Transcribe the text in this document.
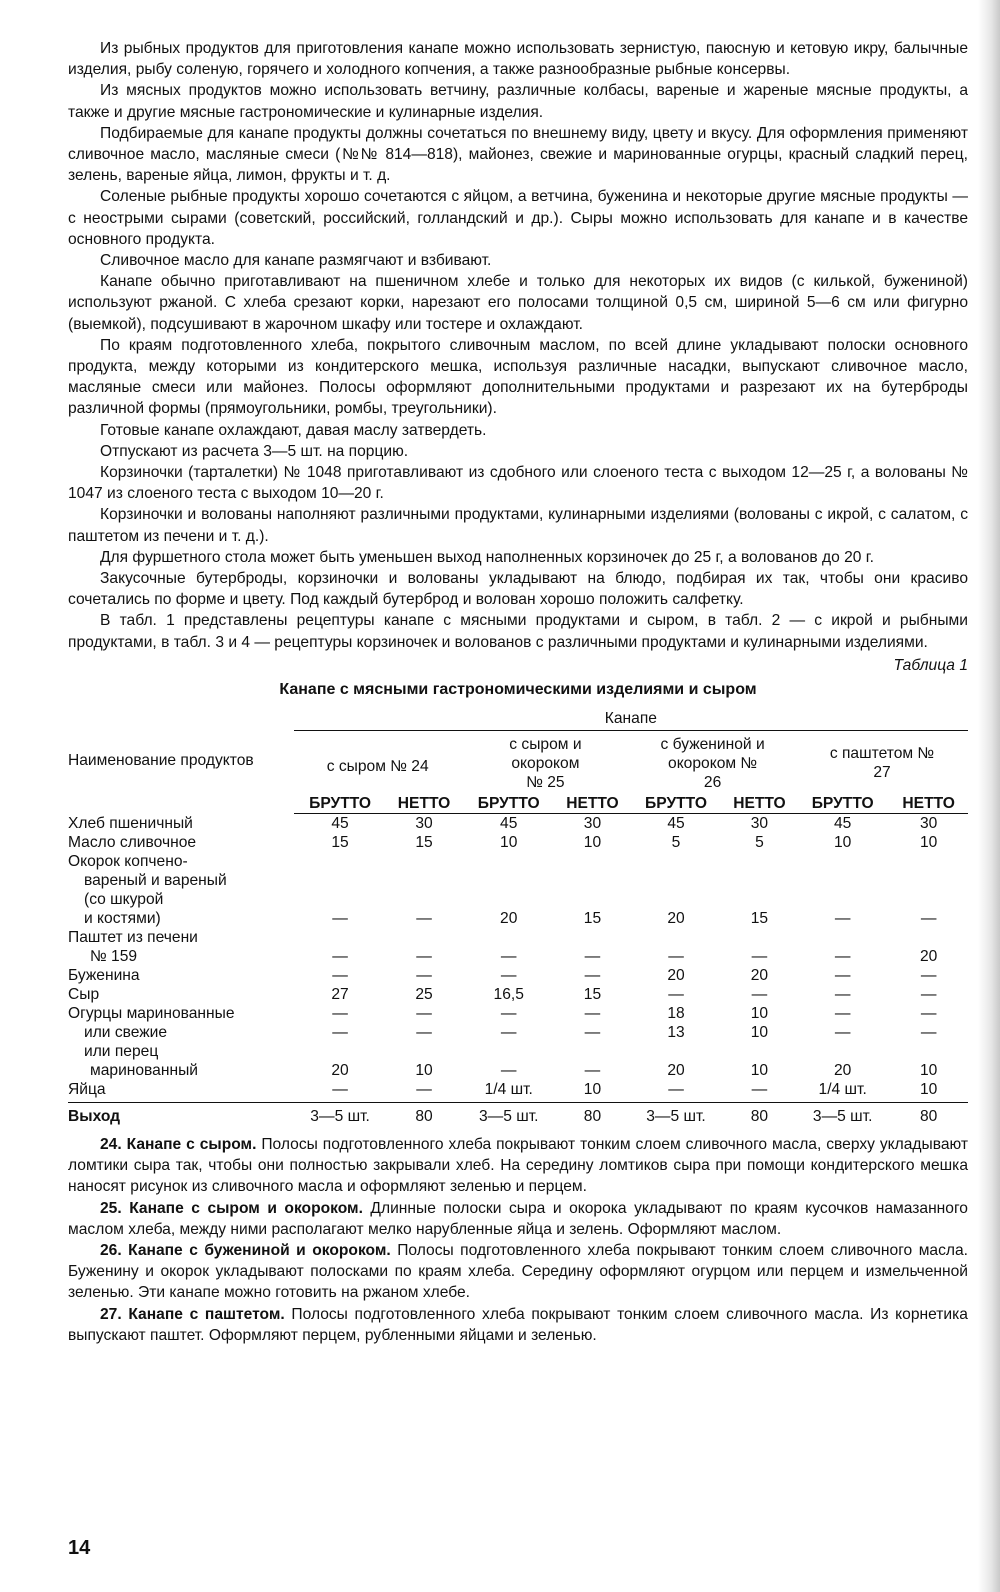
Из рыбных продуктов для приготовления канапе можно использовать зернистую, паюсную и кетовую икру, балычные изделия, рыбу соленую, горячего и холодного копчения, а также разнообразные рыбные консервы.

Из мясных продуктов можно использовать ветчину, различные колбасы, вареные и жареные мясные продукты, а также и другие мясные гастрономические и кулинарные изделия.

Подбираемые для канапе продукты должны сочетаться по внешнему виду, цвету и вкусу. Для оформления применяют сливочное масло, масляные смеси (№№ 814—818), майонез, свежие и маринованные огурцы, красный сладкий перец, зелень, вареные яйца, лимон, фрукты и т. д.

Соленые рыбные продукты хорошо сочетаются с яйцом, а ветчина, буженина и некоторые другие мясные продукты — с неострыми сырами (советский, российский, голландский и др.). Сыры можно использовать для канапе и в качестве основного продукта.

Сливочное масло для канапе размягчают и взбивают.

Канапе обычно приготавливают на пшеничном хлебе и только для некоторых их видов (с килькой, бужениной) используют ржаной. С хлеба срезают корки, нарезают его полосами толщиной 0,5 см, шириной 5—6 см или фигурно (выемкой), подсушивают в жарочном шкафу или тостере и охлаждают.

По краям подготовленного хлеба, покрытого сливочным маслом, по всей длине укладывают полоски основного продукта, между которыми из кондитерского мешка, используя различные насадки, выпускают сливочное масло, масляные смеси или майонез. Полосы оформляют дополнительными продуктами и разрезают их на бутерброды различной формы (прямоугольники, ромбы, треугольники).

Готовые канапе охлаждают, давая маслу затвердеть.

Отпускают из расчета 3—5 шт. на порцию.

Корзиночки (тарталетки) № 1048 приготавливают из сдобного или слоеного теста с выходом 12—25 г, а волованы № 1047 из слоеного теста с выходом 10—20 г.

Корзиночки и волованы наполняют различными продуктами, кулинарными изделиями (волованы с икрой, с салатом, с паштетом из печени и т. д.).

Для фуршетного стола может быть уменьшен выход наполненных корзиночек до 25 г, а волованов до 20 г.

Закусочные бутерброды, корзиночки и волованы укладывают на блюдо, подбирая их так, чтобы они красиво сочетались по форме и цвету. Под каждый бутерброд и волован хорошо положить салфетку.

В табл. 1 представлены рецептуры канапе с мясными продуктами и сыром, в табл. 2 — с икрой и рыбными продуктами, в табл. 3 и 4 — рецептуры корзиночек и волованов с различными продуктами и кулинарными изделиями.

Таблица 1
Канапе с мясными гастрономическими изделиями и сыром
Наименование продуктов	Канапе							
	с сыром № 24		с сыром и окороком № 25		с бужениной и окороком № 26		с паштетом № 27	
	БРУТТО	НЕТТО	БРУТТО	НЕТТО	БРУТТО	НЕТТО	БРУТТО	НЕТТО
Хлеб пшеничный	45	30	45	30	45	30	45	30
Масло сливочное	15	15	10	10	5	5	10	10
Окорок копчено-								
вареный и вареный								
(со шкурой								
и костями)	—	—	20	15	20	15	—	—
Паштет из печени								
№ 159	—	—	—	—	—	—	—	20
Буженина	—	—	—	—	20	20	—	—
Сыр	27	25	16,5	15	—	—	—	—
Огурцы маринованные	—	—	—	—	18	10	—	—
или свежие	—	—	—	—	13	10	—	—
или перец								
маринованный	20	10	—	—	20	10	20	10
Яйца	—	—	1/4 шт.	10	—	—	1/4 шт.	10
Выход	3—5 шт.	80	3—5 шт.	80	3—5 шт.	80	3—5 шт.	80

24. Канапе с сыром. Полосы подготовленного хлеба покрывают тонким слоем сливочного масла, сверху укладывают ломтики сыра так, чтобы они полностью закрывали хлеб. На середину ломтиков сыра при помощи кондитерского мешка наносят рисунок из сливочного масла и оформляют зеленью и перцем.

25. Канапе с сыром и окороком. Длинные полоски сыра и окорока укладывают по краям кусочков намазанного маслом хлеба, между ними располагают мелко нарубленные яйца и зелень. Оформляют маслом.

26. Канапе с бужениной и окороком. Полосы подготовленного хлеба покрывают тонким слоем сливочного масла. Буженину и окорок укладывают полосками по краям хлеба. Середину оформляют огурцом или перцем и измельченной зеленью. Эти канапе можно готовить на ржаном хлебе.

27. Канапе с паштетом. Полосы подготовленного хлеба покрывают тонким слоем сливочного масла. Из корнетика выпускают паштет. Оформляют перцем, рубленными яйцами и зеленью.

14
